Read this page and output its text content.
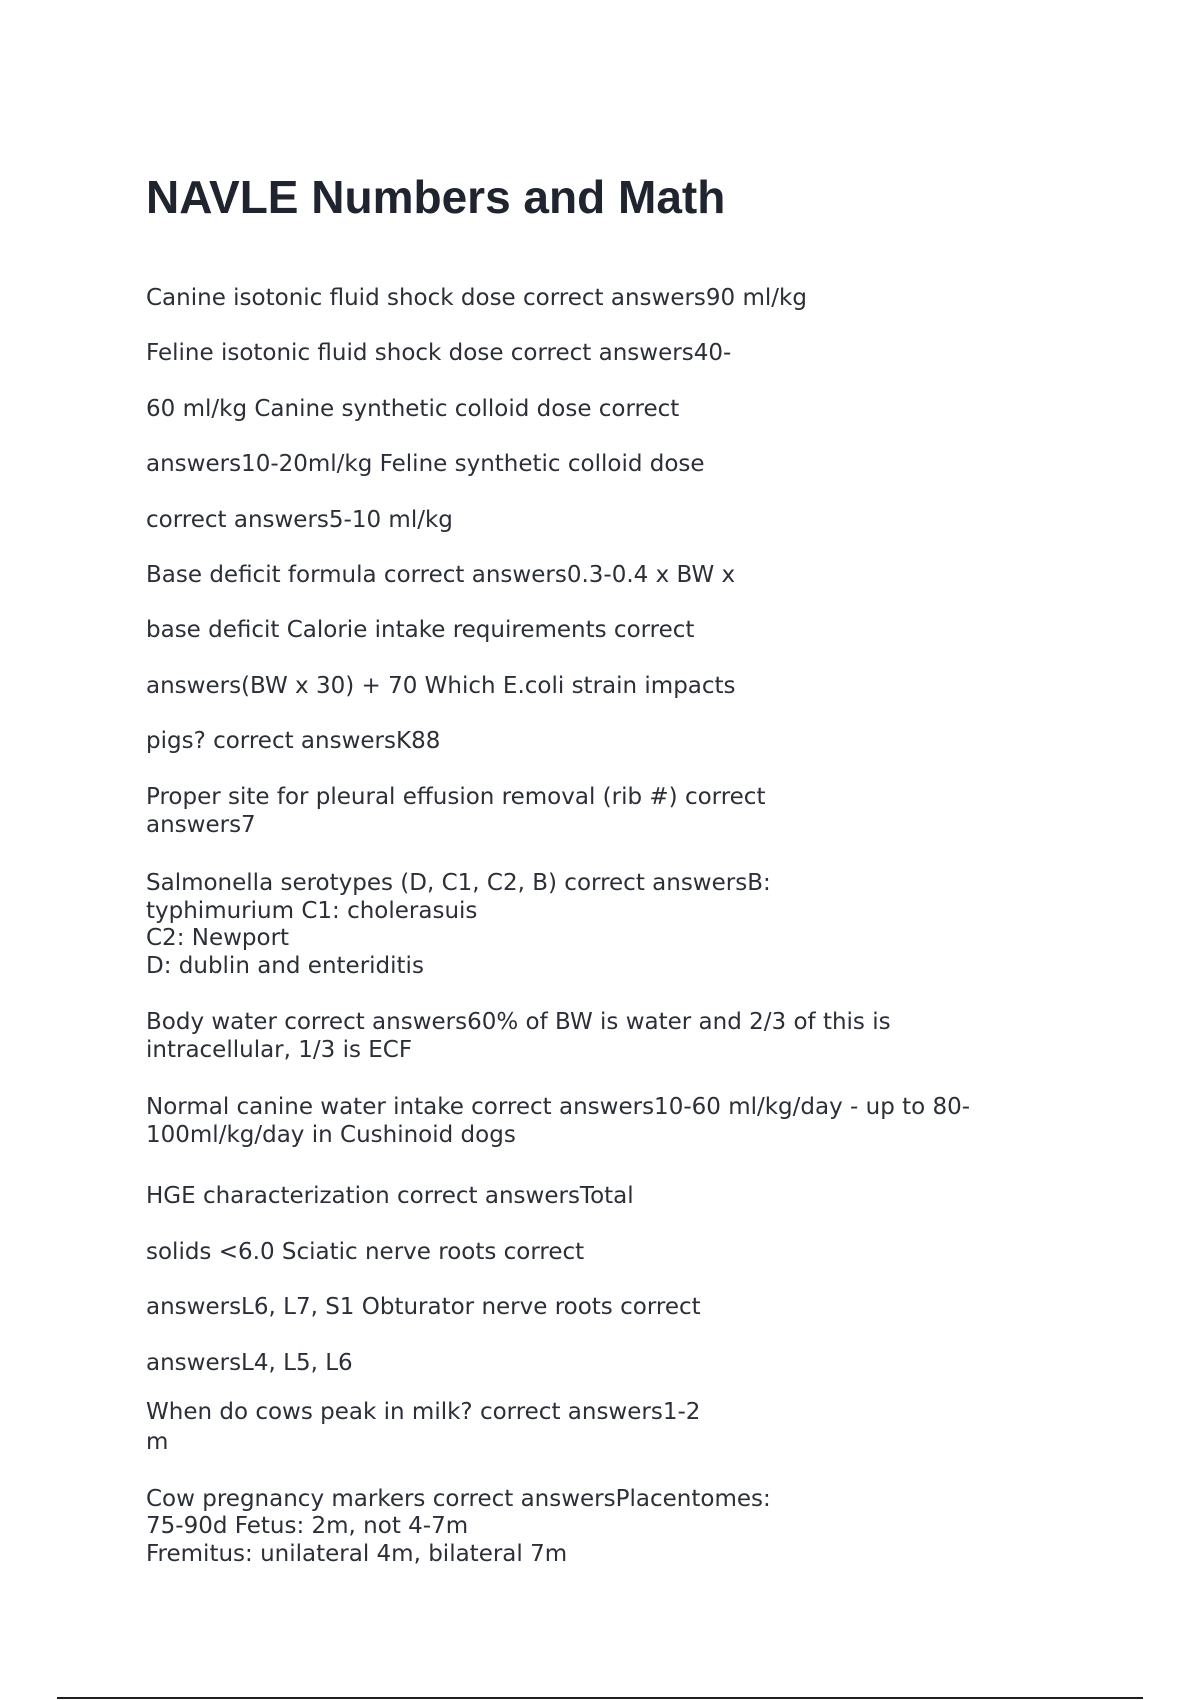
NAVLE Numbers and Math

Canine isotonic fluid shock dose correct answers90 ml/kg

Feline isotonic fluid shock dose correct answers40-

60 ml/kg Canine synthetic colloid dose correct

answers10-20ml/kg Feline synthetic colloid dose

correct answers5-10 ml/kg

Base deficit formula correct answers0.3-0.4 x BW x

base deficit Calorie intake requirements correct

answers(BW x 30) + 70 Which E.coli strain impacts

pigs? correct answersK88

Proper site for pleural effusion removal (rib #) correct

answers7

Salmonella serotypes (D, C1, C2, B) correct answersB:

typhimurium C1: cholerasuis

C2: Newport

D: dublin and enteriditis

Body water correct answers60% of BW is water and 2/3 of this is

intracellular, 1/3 is ECF

Normal canine water intake correct answers10-60 ml/kg/day - up to 80-

100ml/kg/day in Cushinoid dogs

HGE characterization correct answersTotal

solids <6.0 Sciatic nerve roots correct

answersL6, L7, S1 Obturator nerve roots correct

answersL4, L5, L6

When do cows peak in milk? correct answers1-2

m

Cow pregnancy markers correct answersPlacentomes:

75-90d Fetus: 2m, not 4-7m

Fremitus: unilateral 4m, bilateral 7m
